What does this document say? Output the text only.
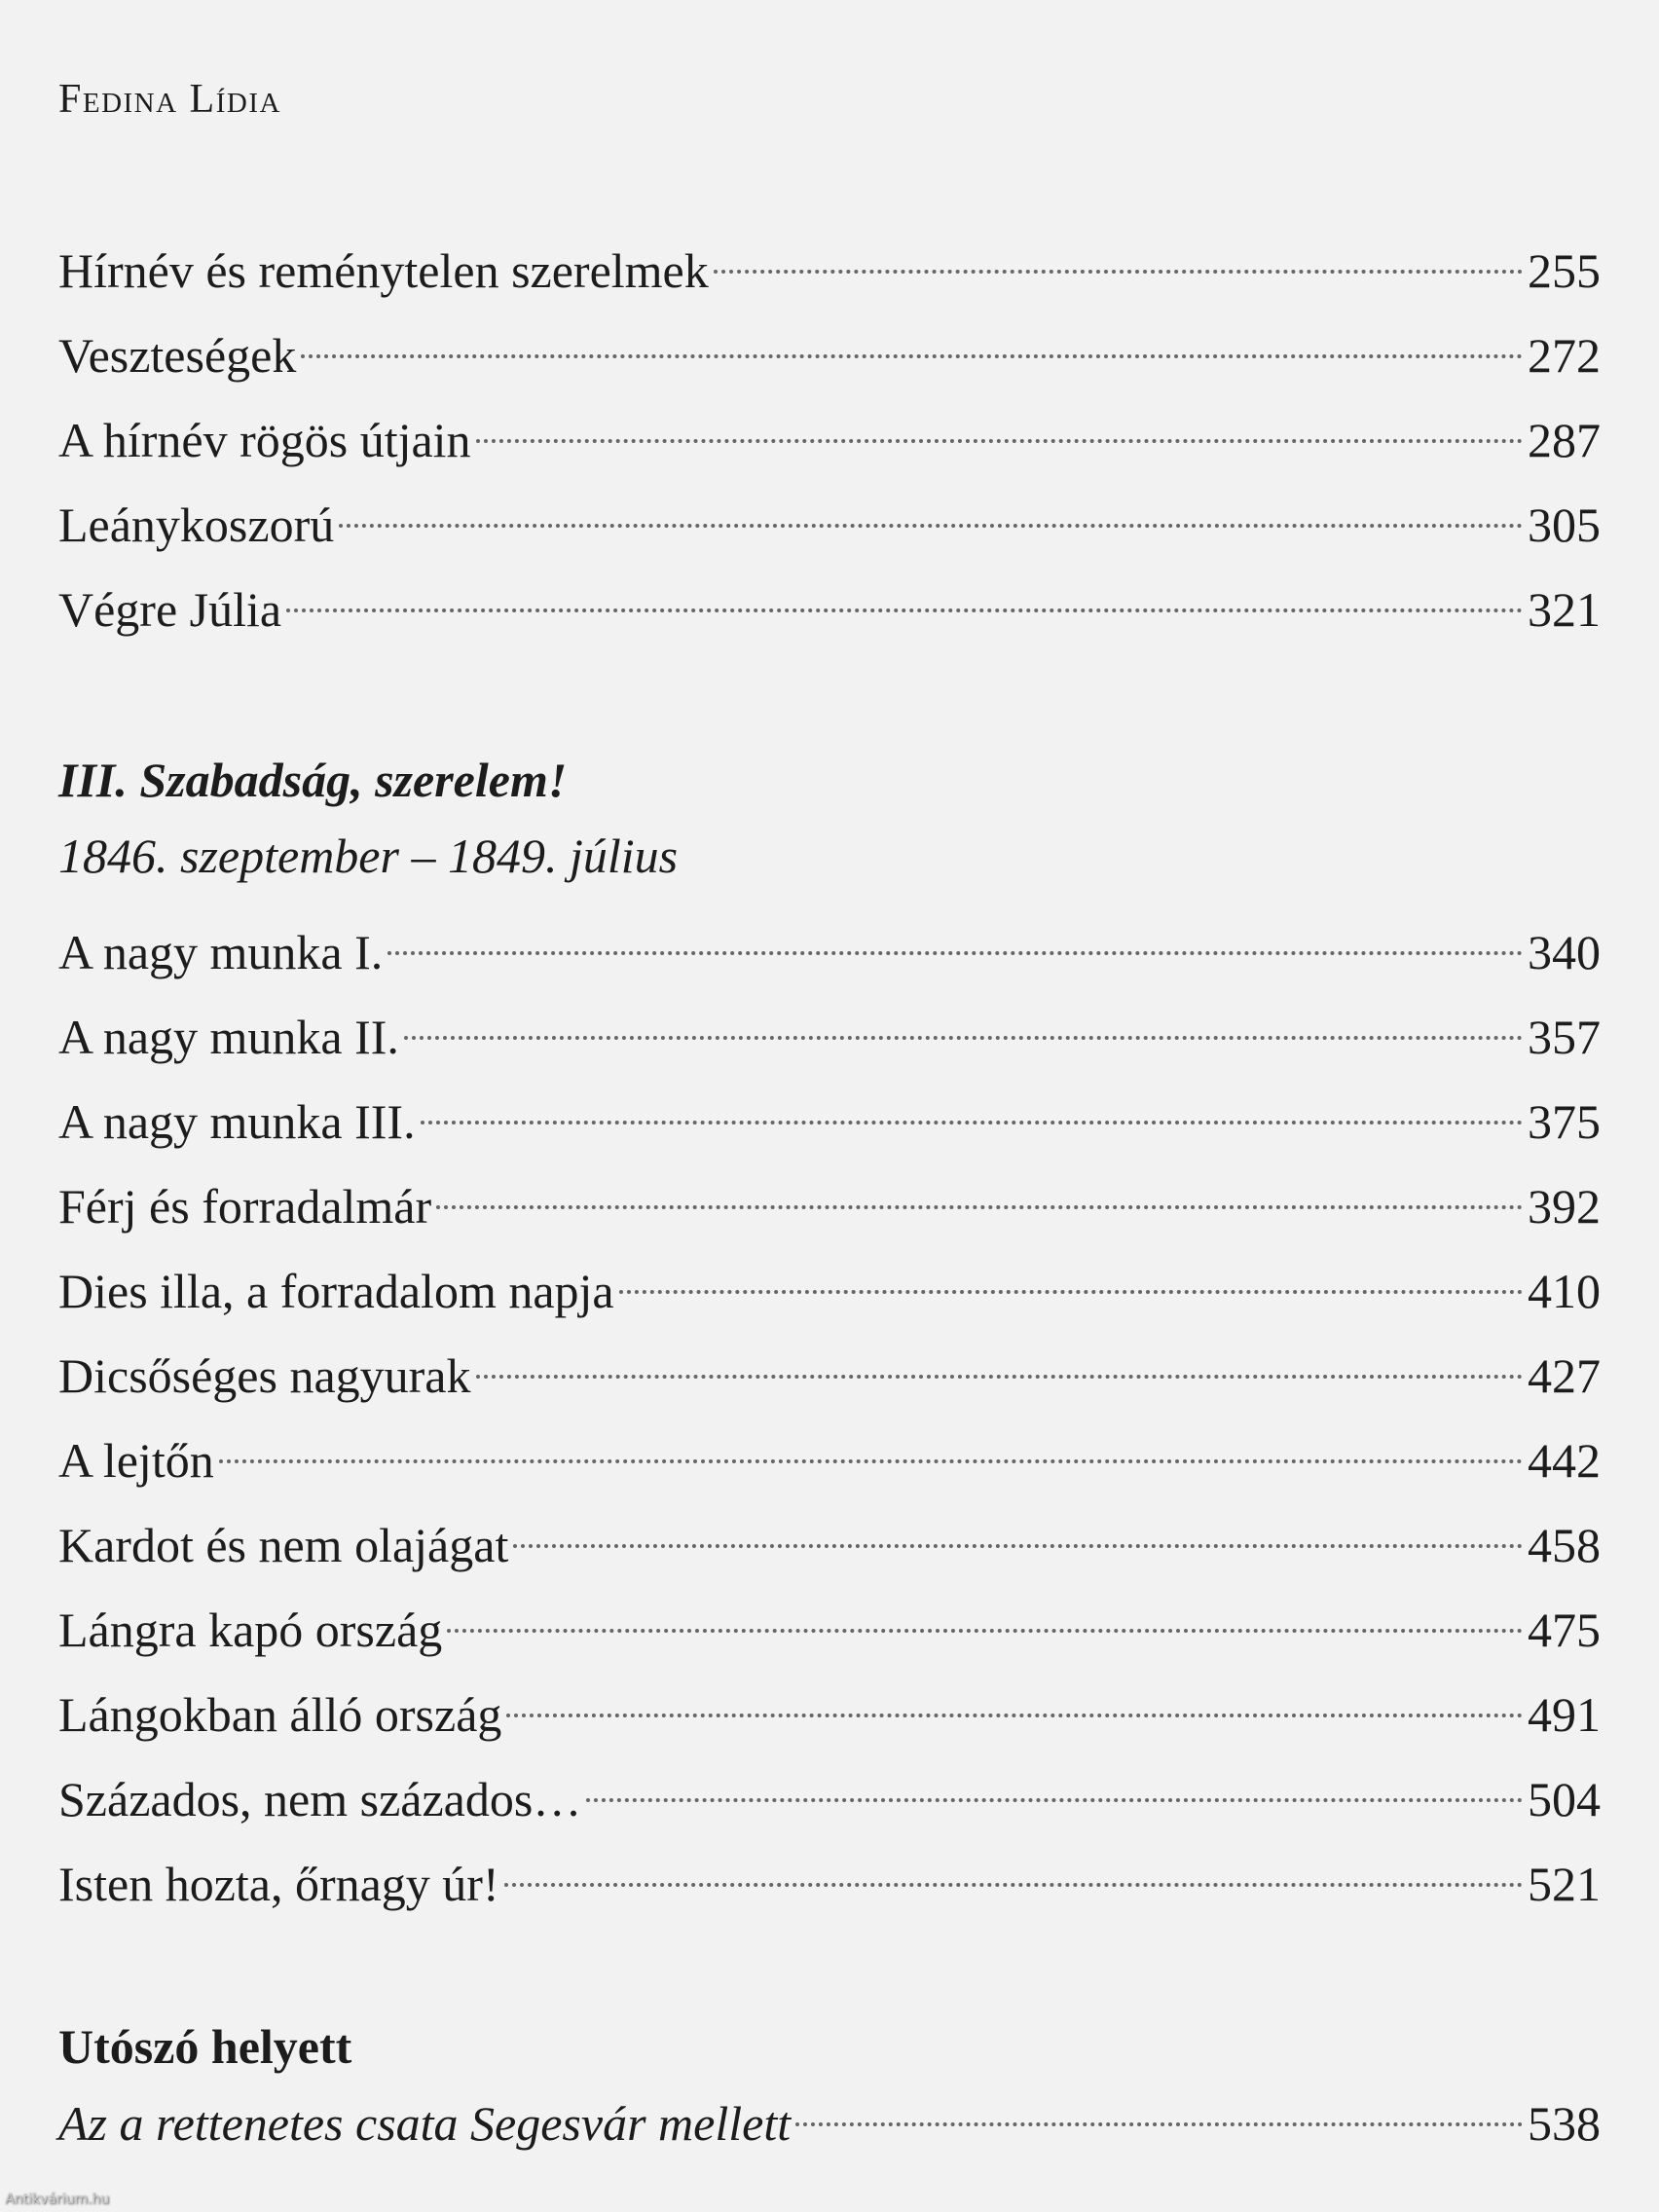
Fedina Lídia
Hírnév és reménytelen szerelmek	255
Veszteségek	272
A hírnév rögös útjain	287
Leánykoszorú	305
Végre Júlia	321
III. Szabadság, szerelem!

1846. szeptember – 1849. július

A nagy munka I.	340
A nagy munka II.	357
A nagy munka III.	375
Férj és forradalmár	392
Dies illa, a forradalom napja	410
Dicsőséges nagyurak	427
A lejtőn	442
Kardot és nem olajágat	458
Lángra kapó ország	475
Lángokban álló ország	491
Százados, nem százados…	504
Isten hozta, őrnagy úr!	521
Utószó helyett
Az a rettenetes csata Segesvár mellett	538
Antikvárium.hu
